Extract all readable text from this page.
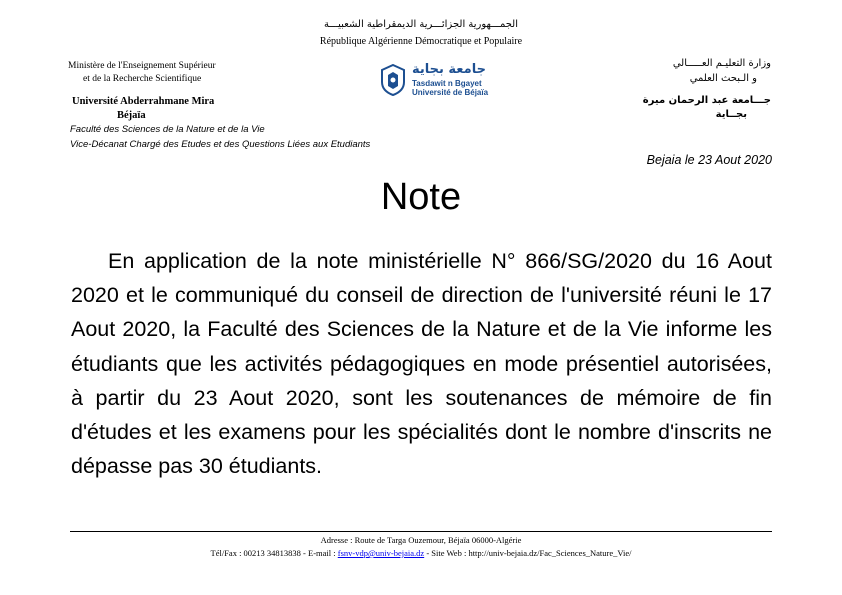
الجمـــهورية الجزائـــرية الديمقراطية الشعبيـــة
République Algérienne Démocratique et Populaire
Ministère de l'Enseignement Supérieur
et de la Recherche Scientifique
Université Abderrahmane Mira
Béjaïa
Faculté des Sciences de la Nature et de la Vie
Vice-Décanat Chargé des Etudes et des Questions Liées aux Etudiants
جامعة بجاية
Tasdawit n Bgayet
Université de Béjaïa
وزارة التعليـم العـــــالي
و الـبحث العلمي
جـــامعة عبد الرحمان ميرة
بجــاية
Bejaia le 23 Aout 2020
Note
En application de la note ministérielle N° 866/SG/2020 du 16 Aout 2020 et le communiqué du conseil de direction de l'université réuni le 17 Aout 2020, la Faculté des Sciences de la Nature et de la Vie informe les étudiants que les activités pédagogiques en mode présentiel autorisées, à partir du 23 Aout 2020, sont les soutenances de mémoire de fin d'études et les examens pour les spécialités dont le nombre d'inscrits ne dépasse pas 30 étudiants.
Adresse : Route de Targa Ouzemour, Béjaïa 06000-Algérie
Tél/Fax : 00213 34813838 - E-mail : fsnv-vdp@univ-bejaia.dz - Site Web : http://univ-bejaia.dz/Fac_Sciences_Nature_Vie/
